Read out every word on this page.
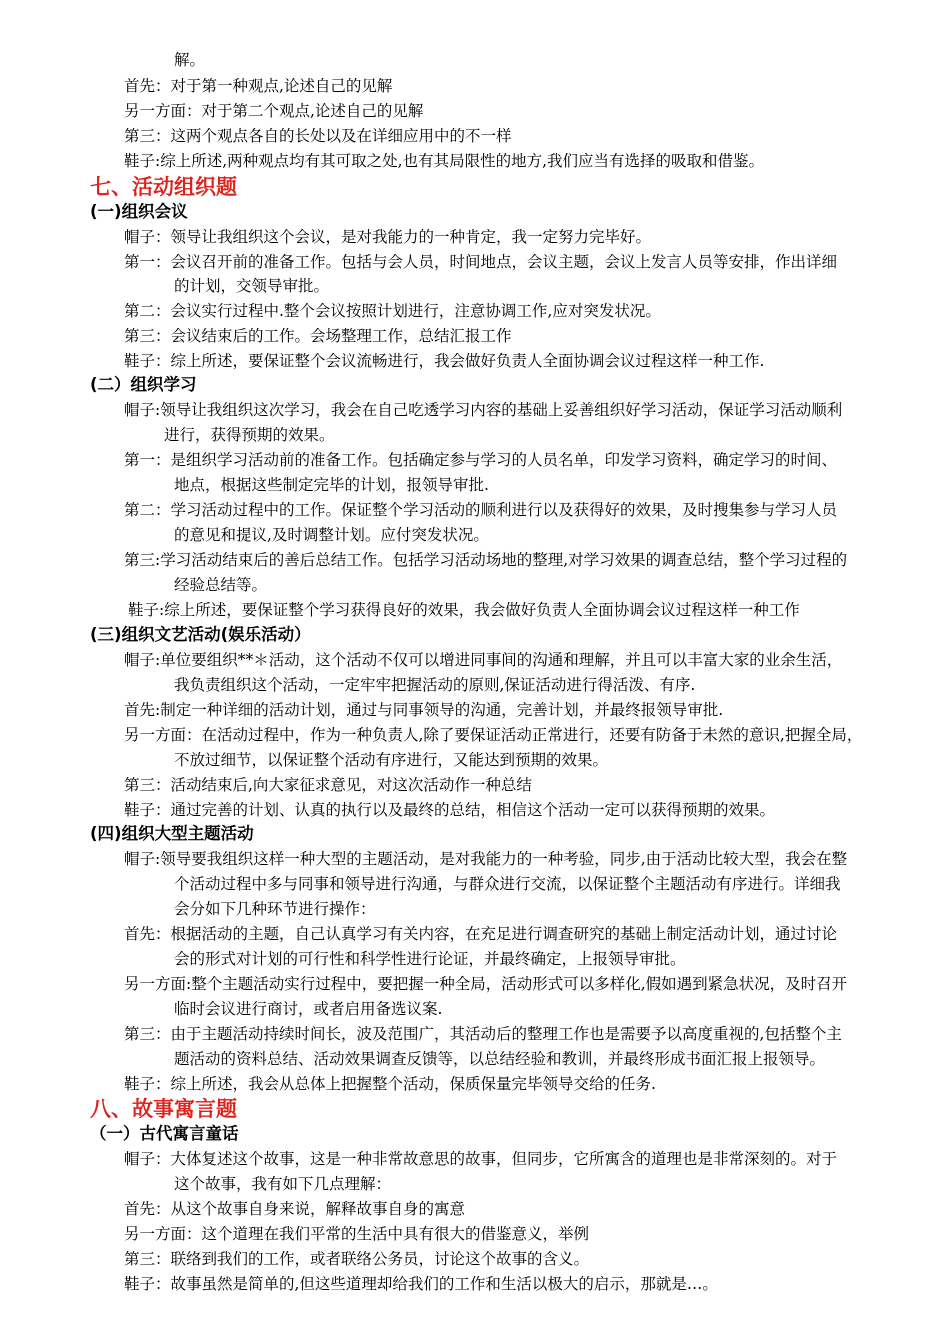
解。
首先：对于第一种观点,论述自己的见解
另一方面：对于第二个观点,论述自己的见解
第三：这两个观点各自的长处以及在详细应用中的不一样
鞋子:综上所述,两种观点均有其可取之处,也有其局限性的地方,我们应当有选择的吸取和借鉴。
七、活动组织题
(一)组织会议
帽子：领导让我组织这个会议，是对我能力的一种肯定，我一定努力完毕好。
第一：会议召开前的准备工作。包括与会人员，时间地点，会议主题，会议上发言人员等安排，作出详细
的计划，交领导审批。
第二：会议实行过程中.整个会议按照计划进行，注意协调工作,应对突发状况。
第三：会议结束后的工作。会场整理工作，总结汇报工作
鞋子：综上所述，要保证整个会议流畅进行，我会做好负责人全面协调会议过程这样一种工作.
(二）组织学习
帽子:领导让我组织这次学习，我会在自己吃透学习内容的基础上妥善组织好学习活动，保证学习活动顺利
进行，获得预期的效果。
第一：是组织学习活动前的准备工作。包括确定参与学习的人员名单，印发学习资料，确定学习的时间、
地点，根据这些制定完毕的计划，报领导审批.
第二：学习活动过程中的工作。保证整个学习活动的顺利进行以及获得好的效果，及时搜集参与学习人员
的意见和提议,及时调整计划。应付突发状况。
第三:学习活动结束后的善后总结工作。包括学习活动场地的整理,对学习效果的调查总结，整个学习过程的
经验总结等。
鞋子:综上所述，要保证整个学习获得良好的效果，我会做好负责人全面协调会议过程这样一种工作
(三)组织文艺活动(娱乐活动）
帽子:单位要组织**＊活动，这个活动不仅可以增进同事间的沟通和理解，并且可以丰富大家的业余生活，
我负责组织这个活动，一定牢牢把握活动的原则,保证活动进行得活泼、有序.
首先:制定一种详细的活动计划，通过与同事领导的沟通，完善计划，并最终报领导审批.
另一方面：在活动过程中，作为一种负责人,除了要保证活动正常进行，还要有防备于未然的意识,把握全局，
不放过细节，以保证整个活动有序进行，又能达到预期的效果。
第三：活动结束后,向大家征求意见，对这次活动作一种总结
鞋子：通过完善的计划、认真的执行以及最终的总结，相信这个活动一定可以获得预期的效果。
(四)组织大型主题活动
帽子:领导要我组织这样一种大型的主题活动，是对我能力的一种考验，同步,由于活动比较大型，我会在整
个活动过程中多与同事和领导进行沟通，与群众进行交流，以保证整个主题活动有序进行。详细我
会分如下几种环节进行操作：
首先：根据活动的主题，自己认真学习有关内容，在充足进行调查研究的基础上制定活动计划，通过讨论
会的形式对计划的可行性和科学性进行论证，并最终确定，上报领导审批。
另一方面:整个主题活动实行过程中，要把握一种全局，活动形式可以多样化,假如遇到紧急状况，及时召开
临时会议进行商讨，或者启用备选议案.
第三：由于主题活动持续时间长，波及范围广，其活动后的整理工作也是需要予以高度重视的,包括整个主
题活动的资料总结、活动效果调查反馈等，以总结经验和教训，并最终形成书面汇报上报领导。
鞋子：综上所述，我会从总体上把握整个活动，保质保量完毕领导交给的任务.
八、故事寓言题
（一）古代寓言童话
帽子：大体复述这个故事，这是一种非常故意思的故事，但同步，它所寓含的道理也是非常深刻的。对于
这个故事，我有如下几点理解：
首先：从这个故事自身来说，解释故事自身的寓意
另一方面：这个道理在我们平常的生活中具有很大的借鉴意义，举例
第三：联络到我们的工作，或者联络公务员，讨论这个故事的含义。
鞋子：故事虽然是简单的,但这些道理却给我们的工作和生活以极大的启示，那就是…。
